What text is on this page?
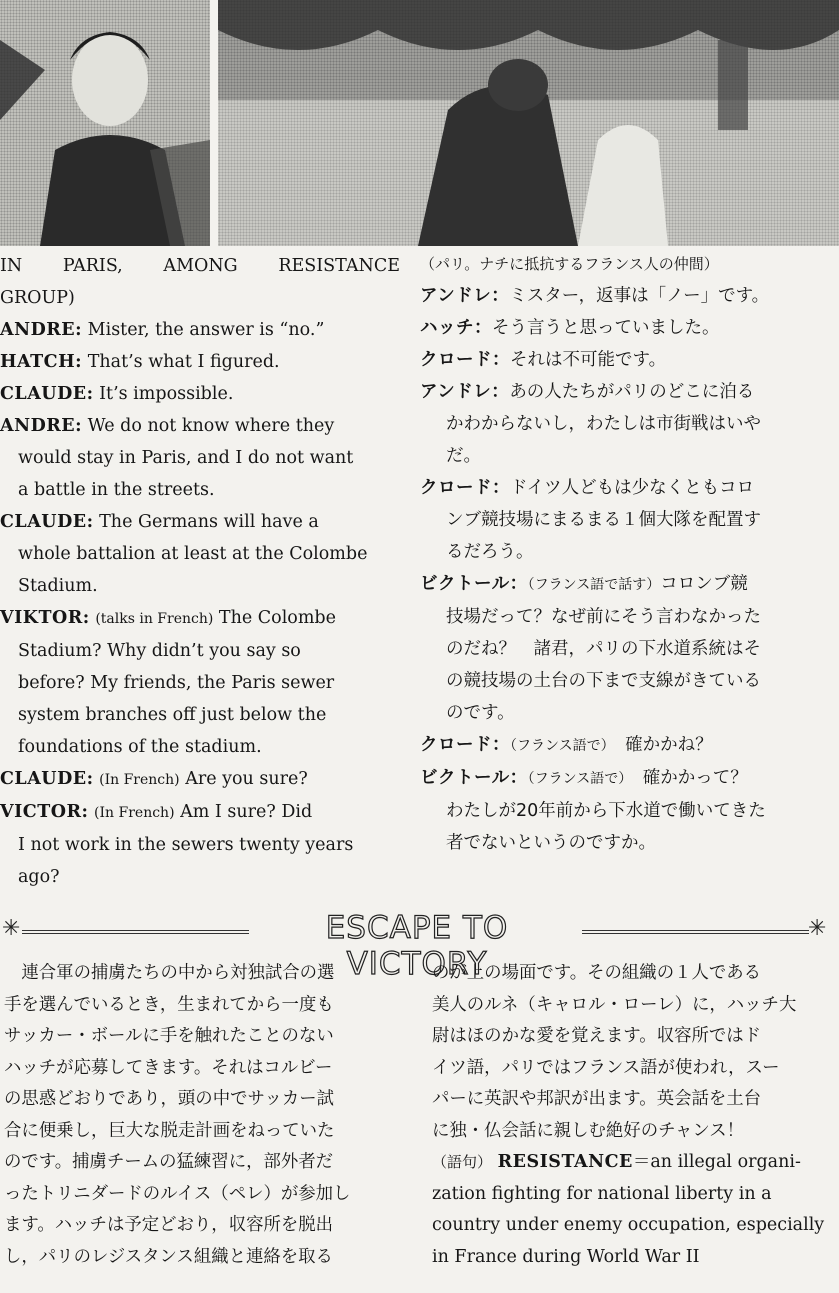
IN PARIS, AMONG RESISTANCE
GROUP)
ANDRE: Mister, the answer is “no.”
HATCH: That’s what I figured.
CLAUDE: It’s impossible.
ANDRE: We do not know where they
would stay in Paris, and I do not want
a battle in the streets.
CLAUDE: The Germans will have a
whole battalion at least at the Colombe
Stadium.
VIKTOR: (talks in French) The Colombe
Stadium? Why didn’t you say so
before? My friends, the Paris sewer
system branches off just below the
foundations of the stadium.
CLAUDE: (In French) Are you sure?
VICTOR: (In French) Am I sure? Did
I not work in the sewers twenty years
ago?
（パリ。ナチに抵抗するフランス人の仲間）
アンドレ：ミスター，返事は「ノー」です。
ハッチ：そう言うと思っていました。
クロード：それは不可能です。
アンドレ：あの人たちがパリのどこに泊る
かわからないし，わたしは市街戦はいや
だ。
クロード：ドイツ人どもは少なくともコロ
ンブ競技場にまるまる１個大隊を配置す
るだろう。
ビクトール：（フランス語で話す）コロンブ競
技場だって？なぜ前にそう言わなかった
のだね？　諸君，パリの下水道系統はそ
の競技場の土台の下まで支線がきている
のです。
クロード：（フランス語で）　 確かかね？
ビクトール：（フランス語で）　 確かかって？
わたしが20年前から下水道で働いてきた
者でないというのですか。
✳	ESCAPE TO VICTORY
✳
　連合軍の捕虜たちの中から対独試合の選
手を選んでいるとき，生まれてから一度も
サッカー・ボールに手を触れたことのない
ハッチが応募してきます。それはコルビー
の思惑どおりであり，頭の中でサッカー試
合に便乗し，巨大な脱走計画をねっていた
のです。捕虜チームの猛練習に，部外者だ
ったトリニダードのルイス（ペレ）が参加し
ます。ハッチは予定どおり，収容所を脱出
し，パリのレジスタンス組織と連絡を取る
のが上の場面です。その組織の１人である
美人のルネ（キャロル・ローレ）に，ハッチ大
尉はほのかな愛を覚えます。収容所ではド
イツ語，パリではフランス語が使われ，スー
パーに英訳や邦訳が出ます。英会話を土台
に独・仏会話に親しむ絶好のチャンス！
（語句） RESISTANCE＝an illegal organi-
zation fighting for national liberty in a
country under enemy occupation, especially
in France during World War II
